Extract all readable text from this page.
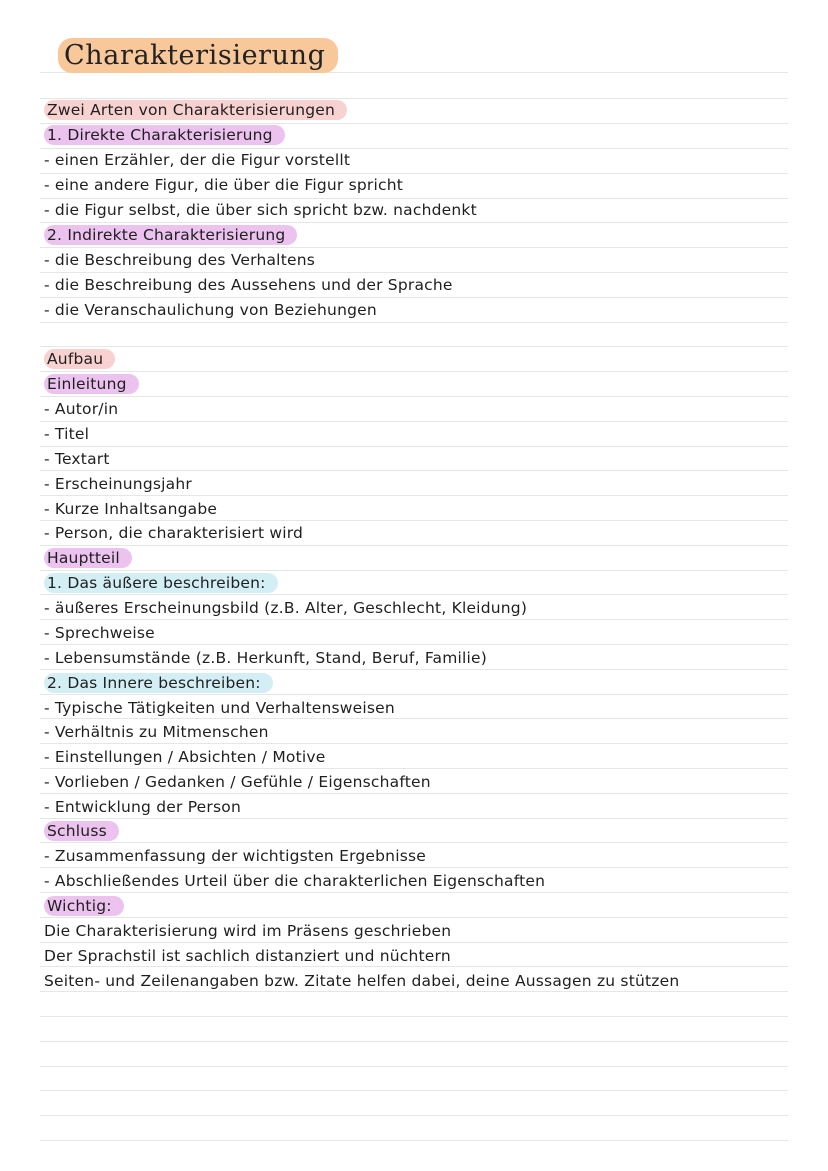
Charakterisierung
Zwei Arten von Charakterisierungen
1. Direkte Charakterisierung
- einen Erzähler, der die Figur vorstellt
- eine andere Figur, die über die Figur spricht
- die Figur selbst, die über sich spricht bzw. nachdenkt
2. Indirekte Charakterisierung
- die Beschreibung des Verhaltens
- die Beschreibung des Aussehens und der Sprache
- die Veranschaulichung von Beziehungen
Aufbau
Einleitung
- Autor/in
- Titel
- Textart
- Erscheinungsjahr
- Kurze Inhaltsangabe
- Person, die charakterisiert wird
Hauptteil
1. Das äußere beschreiben:
- äußeres Erscheinungsbild (z.B. Alter, Geschlecht, Kleidung)
- Sprechweise
- Lebensumstände (z.B. Herkunft, Stand, Beruf, Familie)
2. Das Innere beschreiben:
- Typische Tätigkeiten und Verhaltensweisen
- Verhältnis zu Mitmenschen
- Einstellungen / Absichten / Motive
- Vorlieben / Gedanken / Gefühle / Eigenschaften
- Entwicklung der Person
Schluss
- Zusammenfassung der wichtigsten Ergebnisse
- Abschließendes Urteil über die charakterlichen Eigenschaften
Wichtig:
Die Charakterisierung wird im Präsens geschrieben
Der Sprachstil ist sachlich distanziert und nüchtern
Seiten- und Zeilenangaben bzw. Zitate helfen dabei, deine Aussagen zu stützen
